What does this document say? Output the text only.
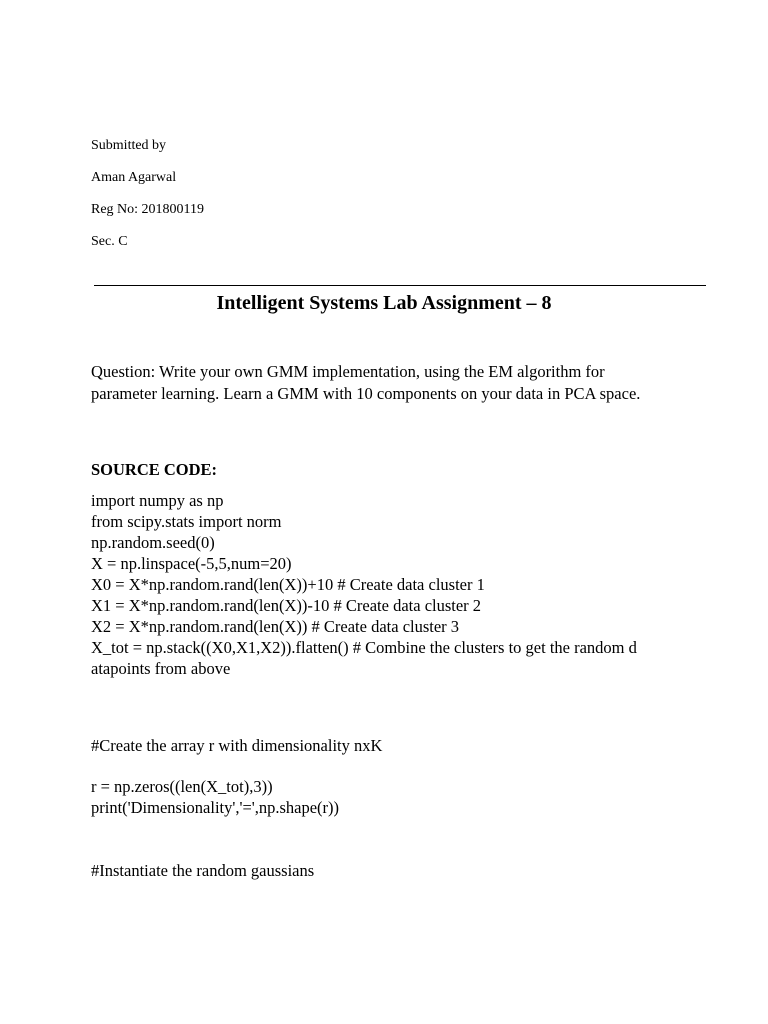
Submitted by
Aman Agarwal
Reg No: 201800119
Sec. C
Intelligent Systems Lab Assignment – 8
Question: Write your own GMM implementation, using the EM algorithm for
parameter learning. Learn a GMM with 10 components on your data in PCA space.
SOURCE CODE:
import numpy as np
from scipy.stats import norm
np.random.seed(0)
X = np.linspace(-5,5,num=20)
X0 = X*np.random.rand(len(X))+10 # Create data cluster 1
X1 = X*np.random.rand(len(X))-10 # Create data cluster 2
X2 = X*np.random.rand(len(X)) # Create data cluster 3
X_tot = np.stack((X0,X1,X2)).flatten() # Combine the clusters to get the random d
atapoints from above
#Create the array r with dimensionality nxK
r = np.zeros((len(X_tot),3))
print('Dimensionality','=',np.shape(r))
#Instantiate the random gaussians
